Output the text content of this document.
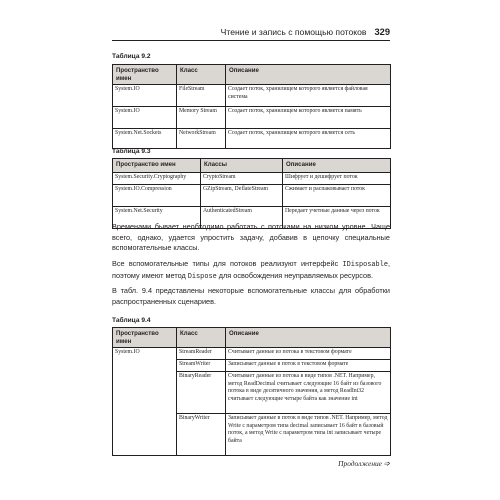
Чтение и запись с помощью потоков 329
Таблица 9.2
Пространство имен	Класс	Описание
System.IO	FileStream	Создает поток, хранилищем которого является файловая система
System.IO	Memory Stream	Создает поток, хранилищем которого является память
System.Net.Sockets	NetworkStream	Создает поток, хранилищем которого является сеть
Таблица 9.3
Пространство имен	Классы	Описание
System.Security.Cryptography	CryptoStream	Шифрует и дешифрует поток
System.IO.Compression	GZipStream, DeflateStream	Сжимает и распаковывает поток
System.Net.Security	AuthenticatedStream	Передает учетные данные через поток

Временами бывает необходимо работать с потоками на низком уровне. Чаще всего, однако, удается упростить задачу, добавив в цепочку специальные вспомогательные классы.

Все вспомогательные типы для потоков реализуют интерфейс IDisposable, поэтому имеют метод Dispose для освобождения неуправляемых ресурсов.

В табл. 9.4 представлены некоторые вспомогательные классы для обработки распространенных сценариев.

Таблица 9.4
Пространство имен	Класс	Описание
System.IO	StreamReader	Считывает данные из потока в текстовом формате
	StreamWriter	Записывает данные в поток в текстовом формате
	BinaryReader	Считывает данные из потока в виде типов .NET. Например, метод ReadDecimal считывает следующие 16 байт из базового потока в виде десятичного значения, а метод ReadInt32 считывает следующие четыре байта как значение int
	BinaryWriter	Записывает данные в поток в виде типов .NET. Например, метод Write с параметром типа decimal записывает 16 байт в базовый поток, а метод Write с параметром типа int записывает четыре байта
Продолжение ➩
